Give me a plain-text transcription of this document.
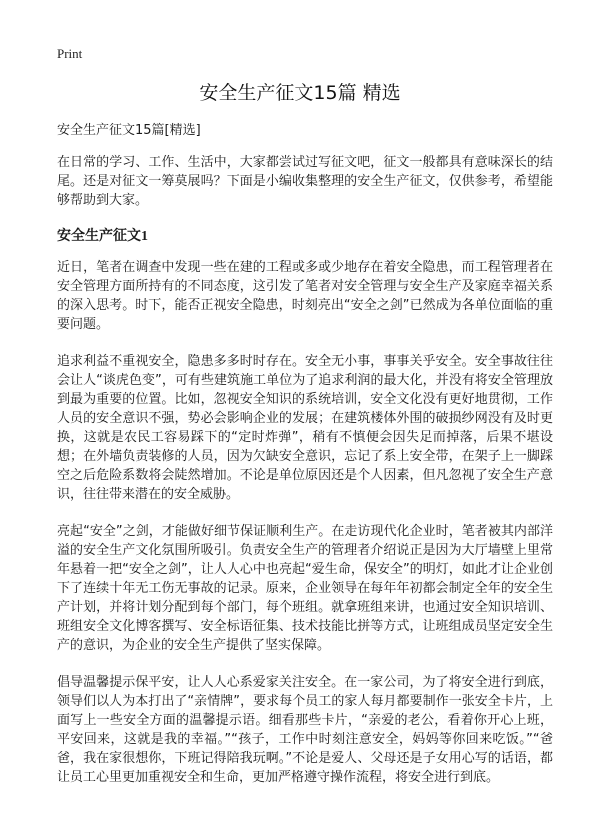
Print
安全生产征文15篇 精选

安全生产征文15篇[精选]

在日常的学习、工作、生活中，大家都尝试过写征文吧，征文一般都具有意味深长的结尾。还是对征文一筹莫展吗？下面是小编收集整理的安全生产征文，仅供参考，希望能够帮助到大家。

安全生产征文1

近日，笔者在调查中发现一些在建的工程或多或少地存在着安全隐患，而工程管理者在安全管理方面所持有的不同态度，这引发了笔者对安全管理与安全生产及家庭幸福关系的深入思考。时下，能否正视安全隐患，时刻亮出“安全之剑”已然成为各单位面临的重要问题。

追求利益不重视安全，隐患多多时时存在。安全无小事，事事关乎安全。安全事故往往会让人“谈虎色变”，可有些建筑施工单位为了追求利润的最大化，并没有将安全管理放到最为重要的位置。比如，忽视安全知识的系统培训，安全文化没有更好地贯彻，工作人员的安全意识不强，势必会影响企业的发展；在建筑楼体外围的破损纱网没有及时更换，这就是农民工容易踩下的“定时炸弹”，稍有不慎便会因失足而掉落，后果不堪设想；在外墙负责装修的人员，因为欠缺安全意识，忘记了系上安全带，在架子上一脚踩空之后危险系数将会陡然增加。不论是单位原因还是个人因素，但凡忽视了安全生产意识，往往带来潜在的安全威胁。

亮起“安全”之剑，才能做好细节保证顺利生产。在走访现代化企业时，笔者被其内部洋溢的安全生产文化氛围所吸引。负责安全生产的管理者介绍说正是因为大厅墙壁上里常年悬着一把“安全之剑”，让人人心中也亮起“爱生命，保安全”的明灯，如此才让企业创下了连续十年无工伤无事故的记录。原来，企业领导在每年年初都会制定全年的安全生产计划，并将计划分配到每个部门，每个班组。就拿班组来讲，也通过安全知识培训、班组安全文化博客撰写、安全标语征集、技术技能比拼等方式，让班组成员坚定安全生产的意识，为企业的安全生产提供了坚实保障。

倡导温馨提示保平安，让人人心系爱家关注安全。在一家公司，为了将安全进行到底，领导们以人为本打出了“亲情牌”，要求每个员工的家人每月都要制作一张安全卡片，上面写上一些安全方面的温馨提示语。细看那些卡片，“亲爱的老公，看着你开心上班，平安回来，这就是我的幸福。”“孩子，工作中时刻注意安全，妈妈等你回来吃饭。”“爸爸，我在家很想你，下班记得陪我玩啊。”不论是爱人、父母还是子女用心写的话语，都让员工心里更加重视安全和生命，更加严格遵守操作流程，将安全进行到底。
